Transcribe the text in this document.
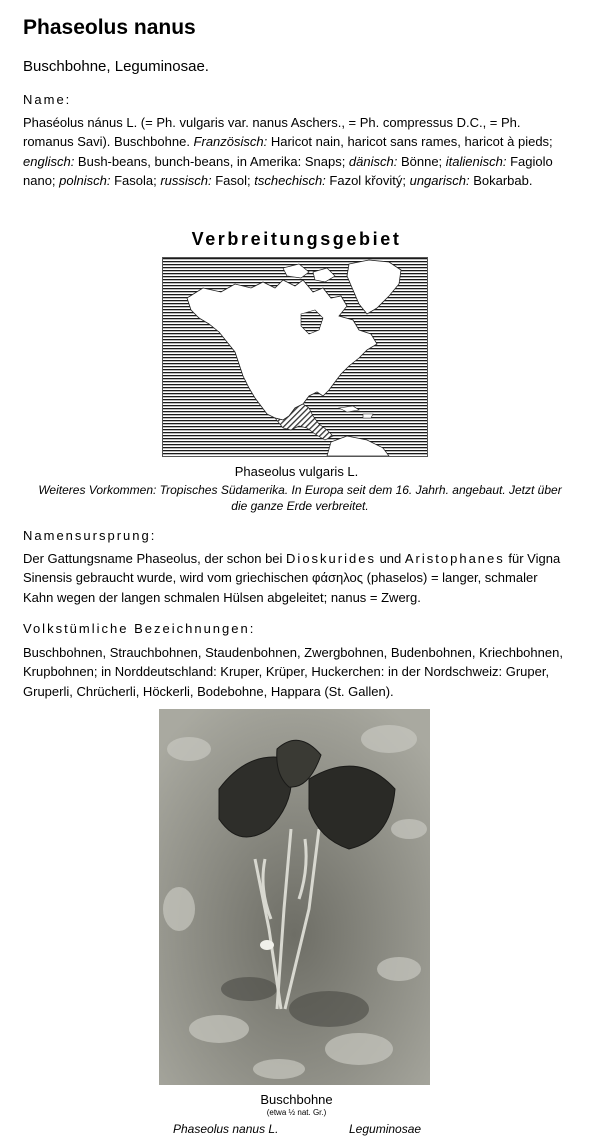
Phaseolus nanus
Buschbohne, Leguminosae.
Name:
Phaséolus nánus L. (= Ph. vulgaris var. nanus Aschers., = Ph. compressus D.C., = Ph. romanus Savi). Buschbohne. Französisch: Haricot nain, haricot sans rames, haricot à pieds; englisch: Bush-beans, bunch-beans, in Amerika: Snaps; dänisch: Bönne; italienisch: Fagiolo nano; polnisch: Fasola; russisch: Fasol; tschechisch: Fazol křovitý; ungarisch: Bokarbab.
Verbreitungsgebiet
Phaseolus vulgaris L.
Weiteres Vorkommen: Tropisches Südamerika. In Europa seit dem 16. Jahrh. angebaut. Jetzt über die ganze Erde verbreitet.
Namensursprung:
Der Gattungsname Phaseolus, der schon bei Dioskurides und Aristophanes für Vigna Sinensis gebraucht wurde, wird vom griechischen φάσηλος (phaselos) = langer, schmaler Kahn wegen der langen schmalen Hülsen abgeleitet; nanus = Zwerg.
Volkstümliche Bezeichnungen:
Buschbohnen, Strauchbohnen, Staudenbohnen, Zwergbohnen, Budenbohnen, Kriechbohnen, Krupbohnen; in Norddeutschland: Kruper, Krüper, Huckerchen: in der Nordschweiz: Gruper, Gruperli, Chrücherli, Höckerli, Bodebohne, Happara (St. Gallen).
Buschbohne
(etwa ½ nat. Gr.)
Phaseolus nanus L.	Leguminosae
